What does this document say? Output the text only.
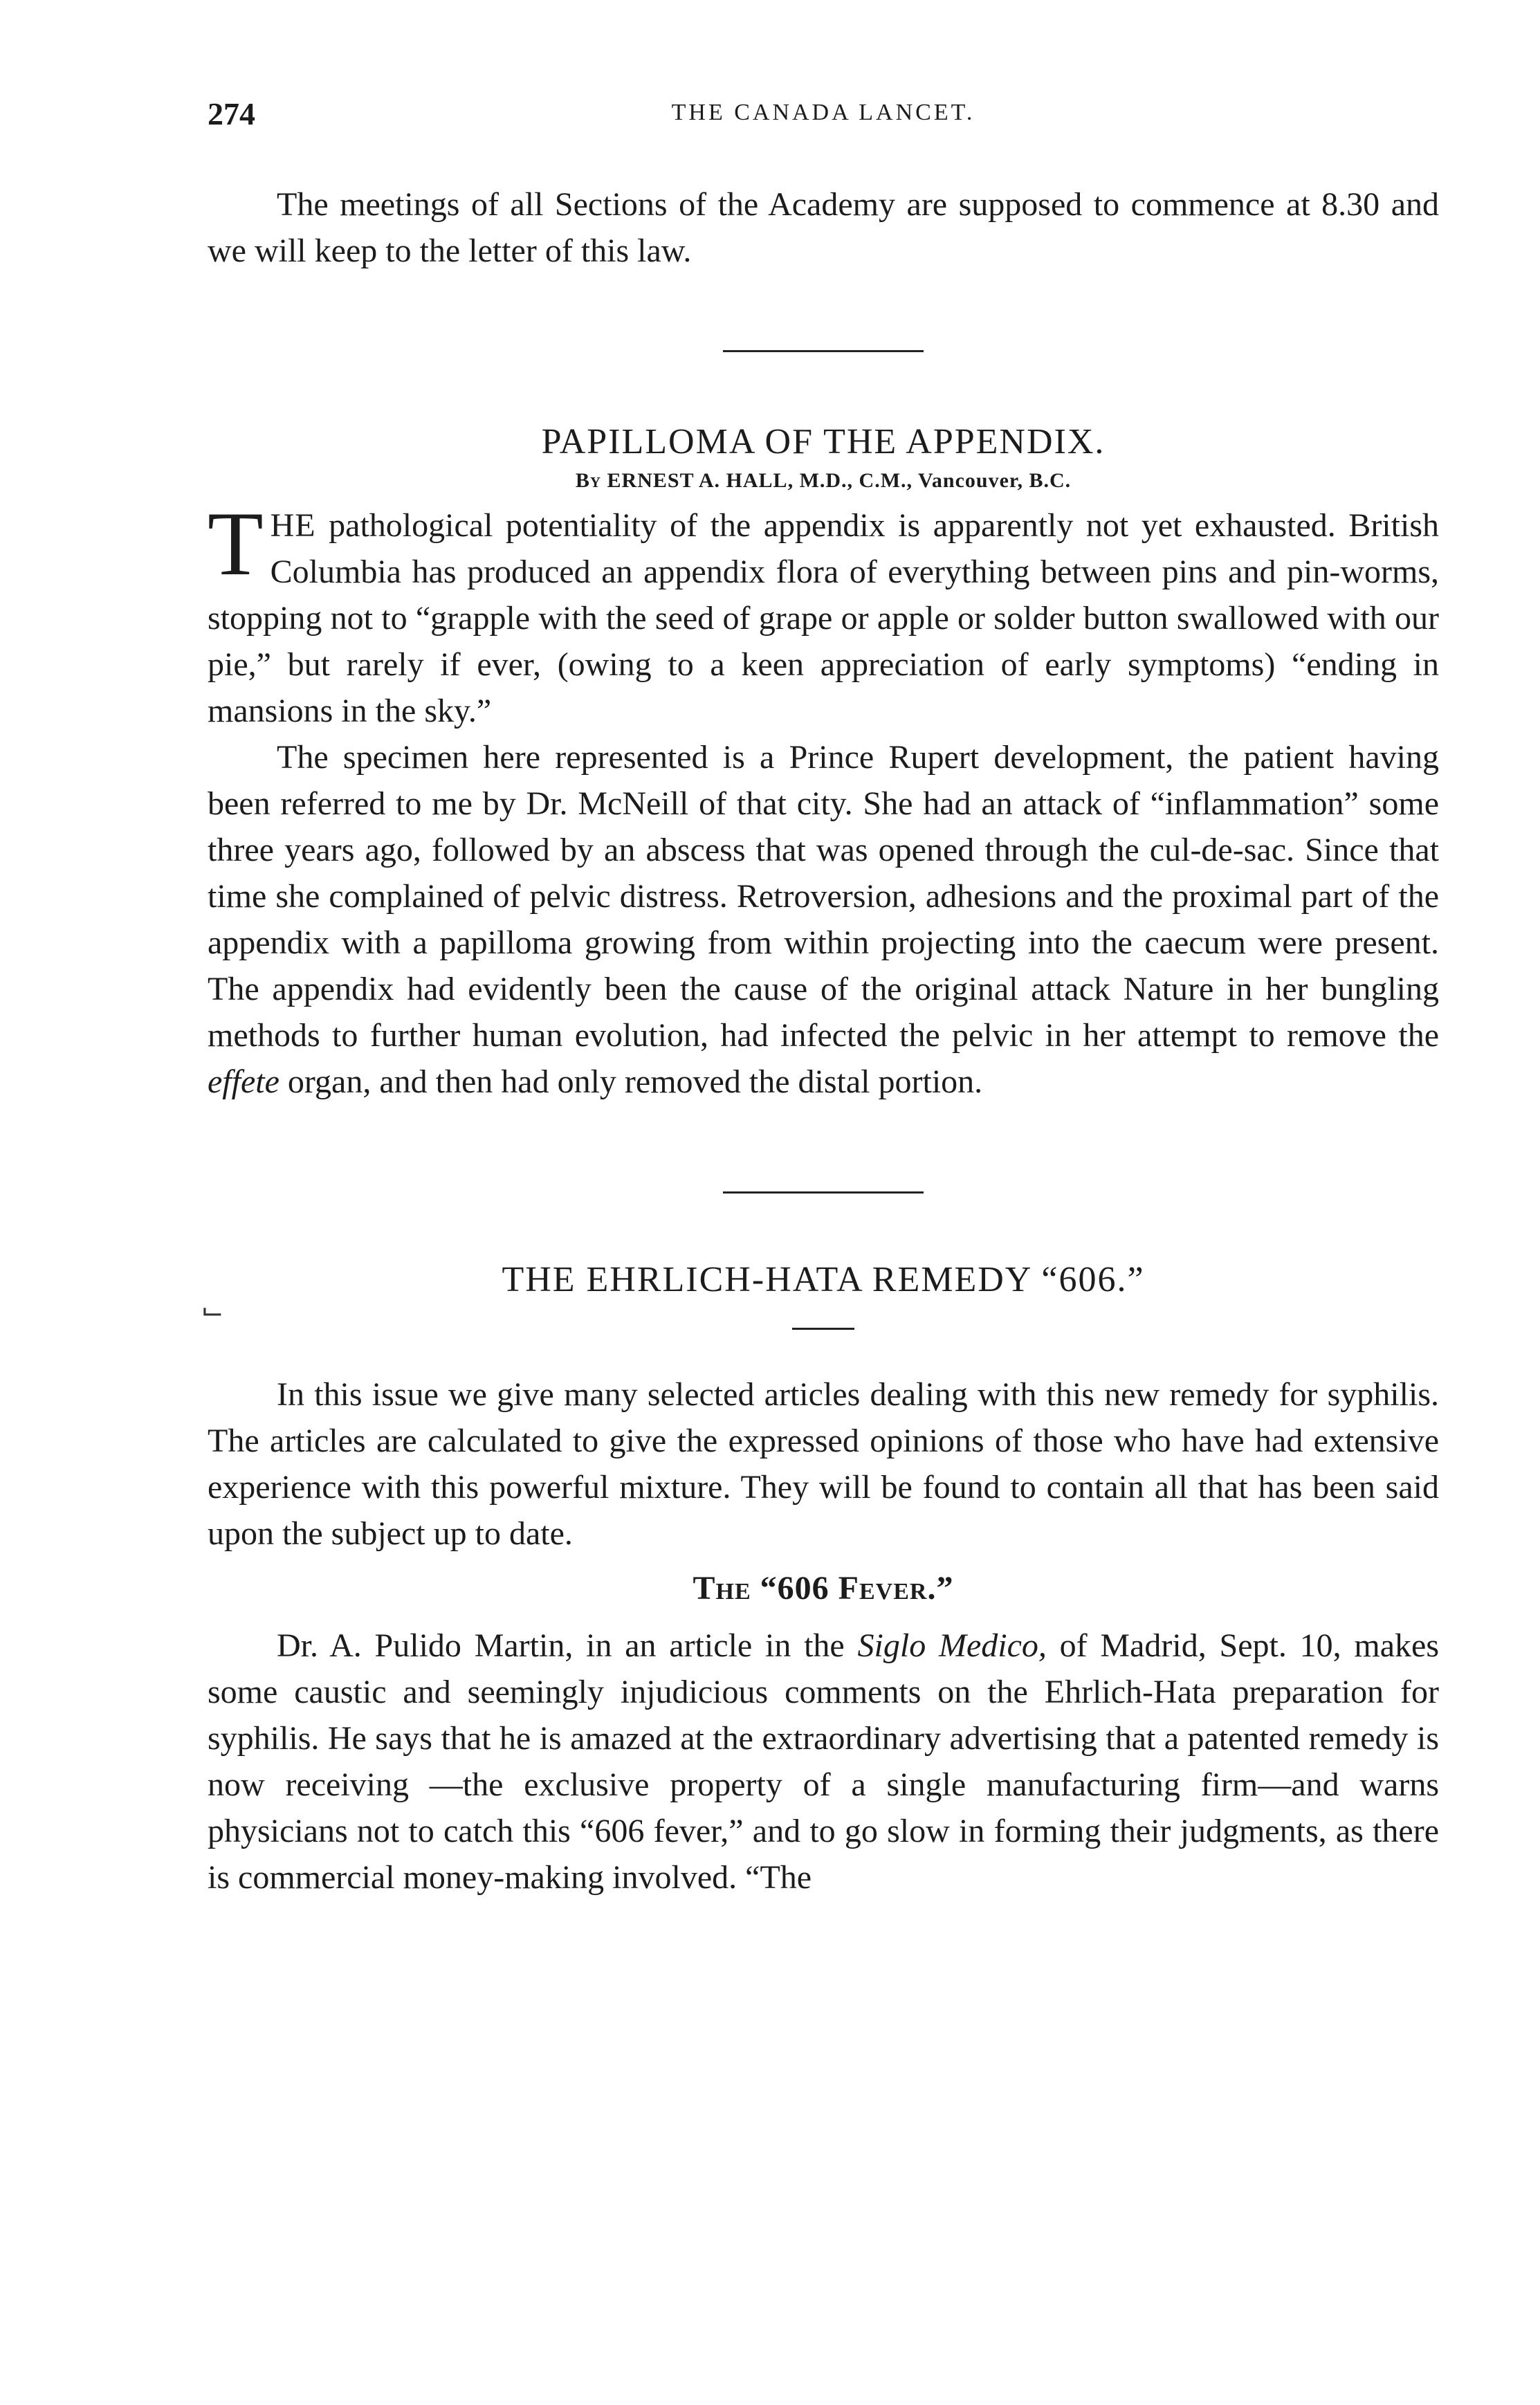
274	THE CANADA LANCET.
⌙

The meetings of all Sections of the Academy are supposed to commence at 8.30 and we will keep to the letter of this law.

PAPILLOMA OF THE APPENDIX.
By ERNEST A. HALL, M.D., C.M., Vancouver, B.C.

THE pathological potentiality of the appendix is apparently not yet exhausted. British Columbia has produced an appendix flora of everything between pins and pin-worms, stopping not to “grapple with the seed of grape or apple or solder button swallowed with our pie,” but rarely if ever, (owing to a keen appreciation of early symptoms) “ending in mansions in the sky.”

The specimen here represented is a Prince Rupert development, the patient having been referred to me by Dr. McNeill of that city. She had an attack of “inflammation” some three years ago, followed by an abscess that was opened through the cul-de-sac. Since that time she complained of pelvic distress. Retroversion, adhesions and the proximal part of the appendix with a papilloma growing from within projecting into the caecum were present. The appendix had evidently been the cause of the original attack Nature in her bungling methods to further human evolution, had infected the pelvic in her attempt to remove the effete organ, and then had only removed the distal portion.

THE EHRLICH-HATA REMEDY “606.”

In this issue we give many selected articles dealing with this new remedy for syphilis. The articles are calculated to give the expressed opinions of those who have had extensive experience with this powerful mixture. They will be found to contain all that has been said upon the subject up to date.

The “606 Fever.”

Dr. A. Pulido Martin, in an article in the Siglo Medico, of Madrid, Sept. 10, makes some caustic and seemingly injudicious comments on the Ehrlich-Hata preparation for syphilis. He says that he is amazed at the extraordinary advertising that a patented remedy is now receiving —the exclusive property of a single manufacturing firm—and warns physicians not to catch this “606 fever,” and to go slow in forming their judgments, as there is commercial money-making involved. “The
